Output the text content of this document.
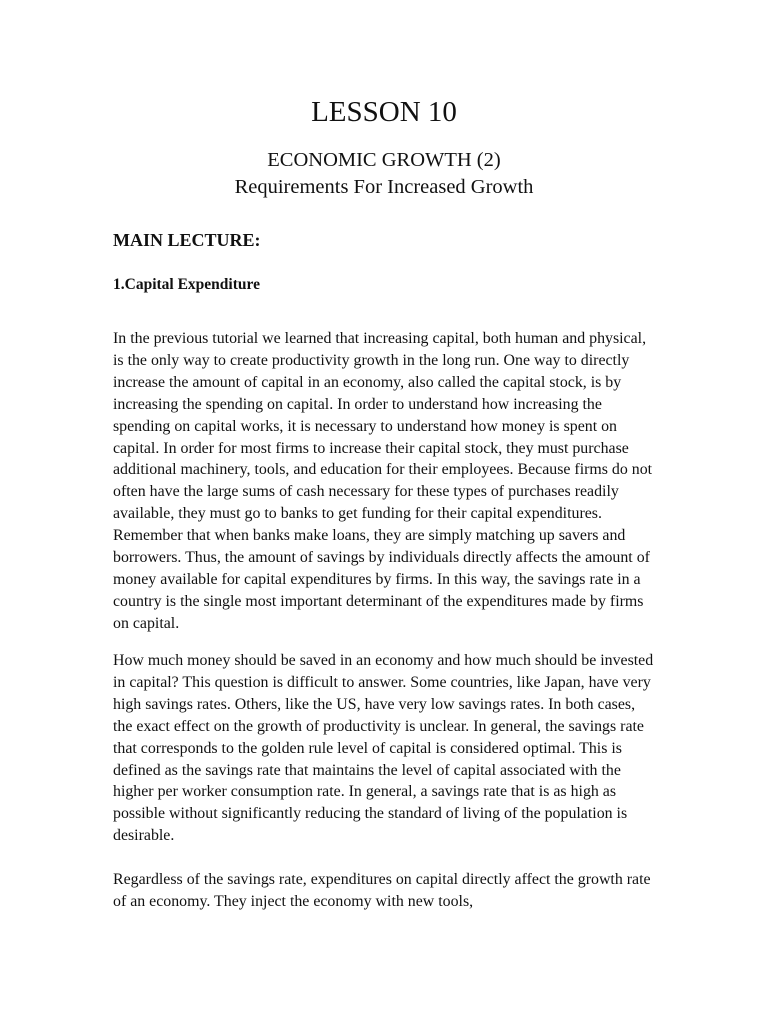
LESSON 10
ECONOMIC GROWTH (2)
Requirements For Increased Growth
MAIN LECTURE:
1.Capital Expenditure

In the previous tutorial we learned that increasing capital, both human and physical, is the only way to create productivity growth in the long run. One way to directly increase the amount of capital in an economy, also called the capital stock, is by increasing the spending on capital. In order to understand how increasing the spending on capital works, it is necessary to understand how money is spent on capital. In order for most firms to increase their capital stock, they must purchase additional machinery, tools, and education for their employees. Because firms do not often have the large sums of cash necessary for these types of purchases readily available, they must go to banks to get funding for their capital expenditures. Remember that when banks make loans, they are simply matching up savers and borrowers. Thus, the amount of savings by individuals directly affects the amount of money available for capital expenditures by firms. In this way, the savings rate in a country is the single most important determinant of the expenditures made by firms on capital.

How much money should be saved in an economy and how much should be invested in capital? This question is difficult to answer. Some countries, like Japan, have very high savings rates. Others, like the US, have very low savings rates. In both cases, the exact effect on the growth of productivity is unclear. In general, the savings rate that corresponds to the golden rule level of capital is considered optimal. This is defined as the savings rate that maintains the level of capital associated with the higher per worker consumption rate. In general, a savings rate that is as high as possible without significantly reducing the standard of living of the population is desirable.

Regardless of the savings rate, expenditures on capital directly affect the growth rate of an economy. They inject the economy with new tools,
